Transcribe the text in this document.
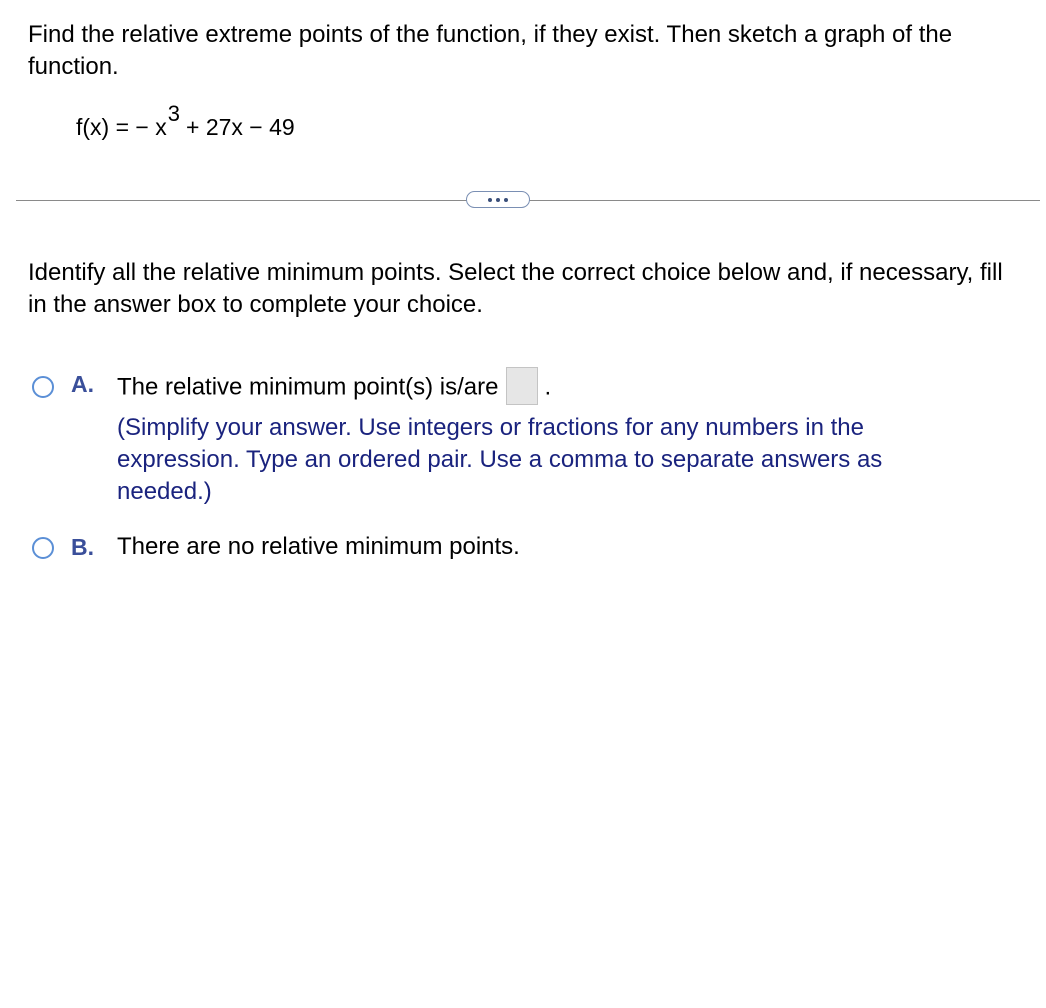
Find the relative extreme points of the function, if they exist. Then sketch a graph of the function.

f(x) = − x3+ 27x − 49

Identify all the relative minimum points. Select the correct choice below and, if necessary, fill in the answer box to complete your choice.

A. The relative minimum point(s) is/are .

(Simplify your answer. Use integers or fractions for any numbers in the expression. Type an ordered pair. Use a comma to separate answers as needed.)

B. There are no relative minimum points.
